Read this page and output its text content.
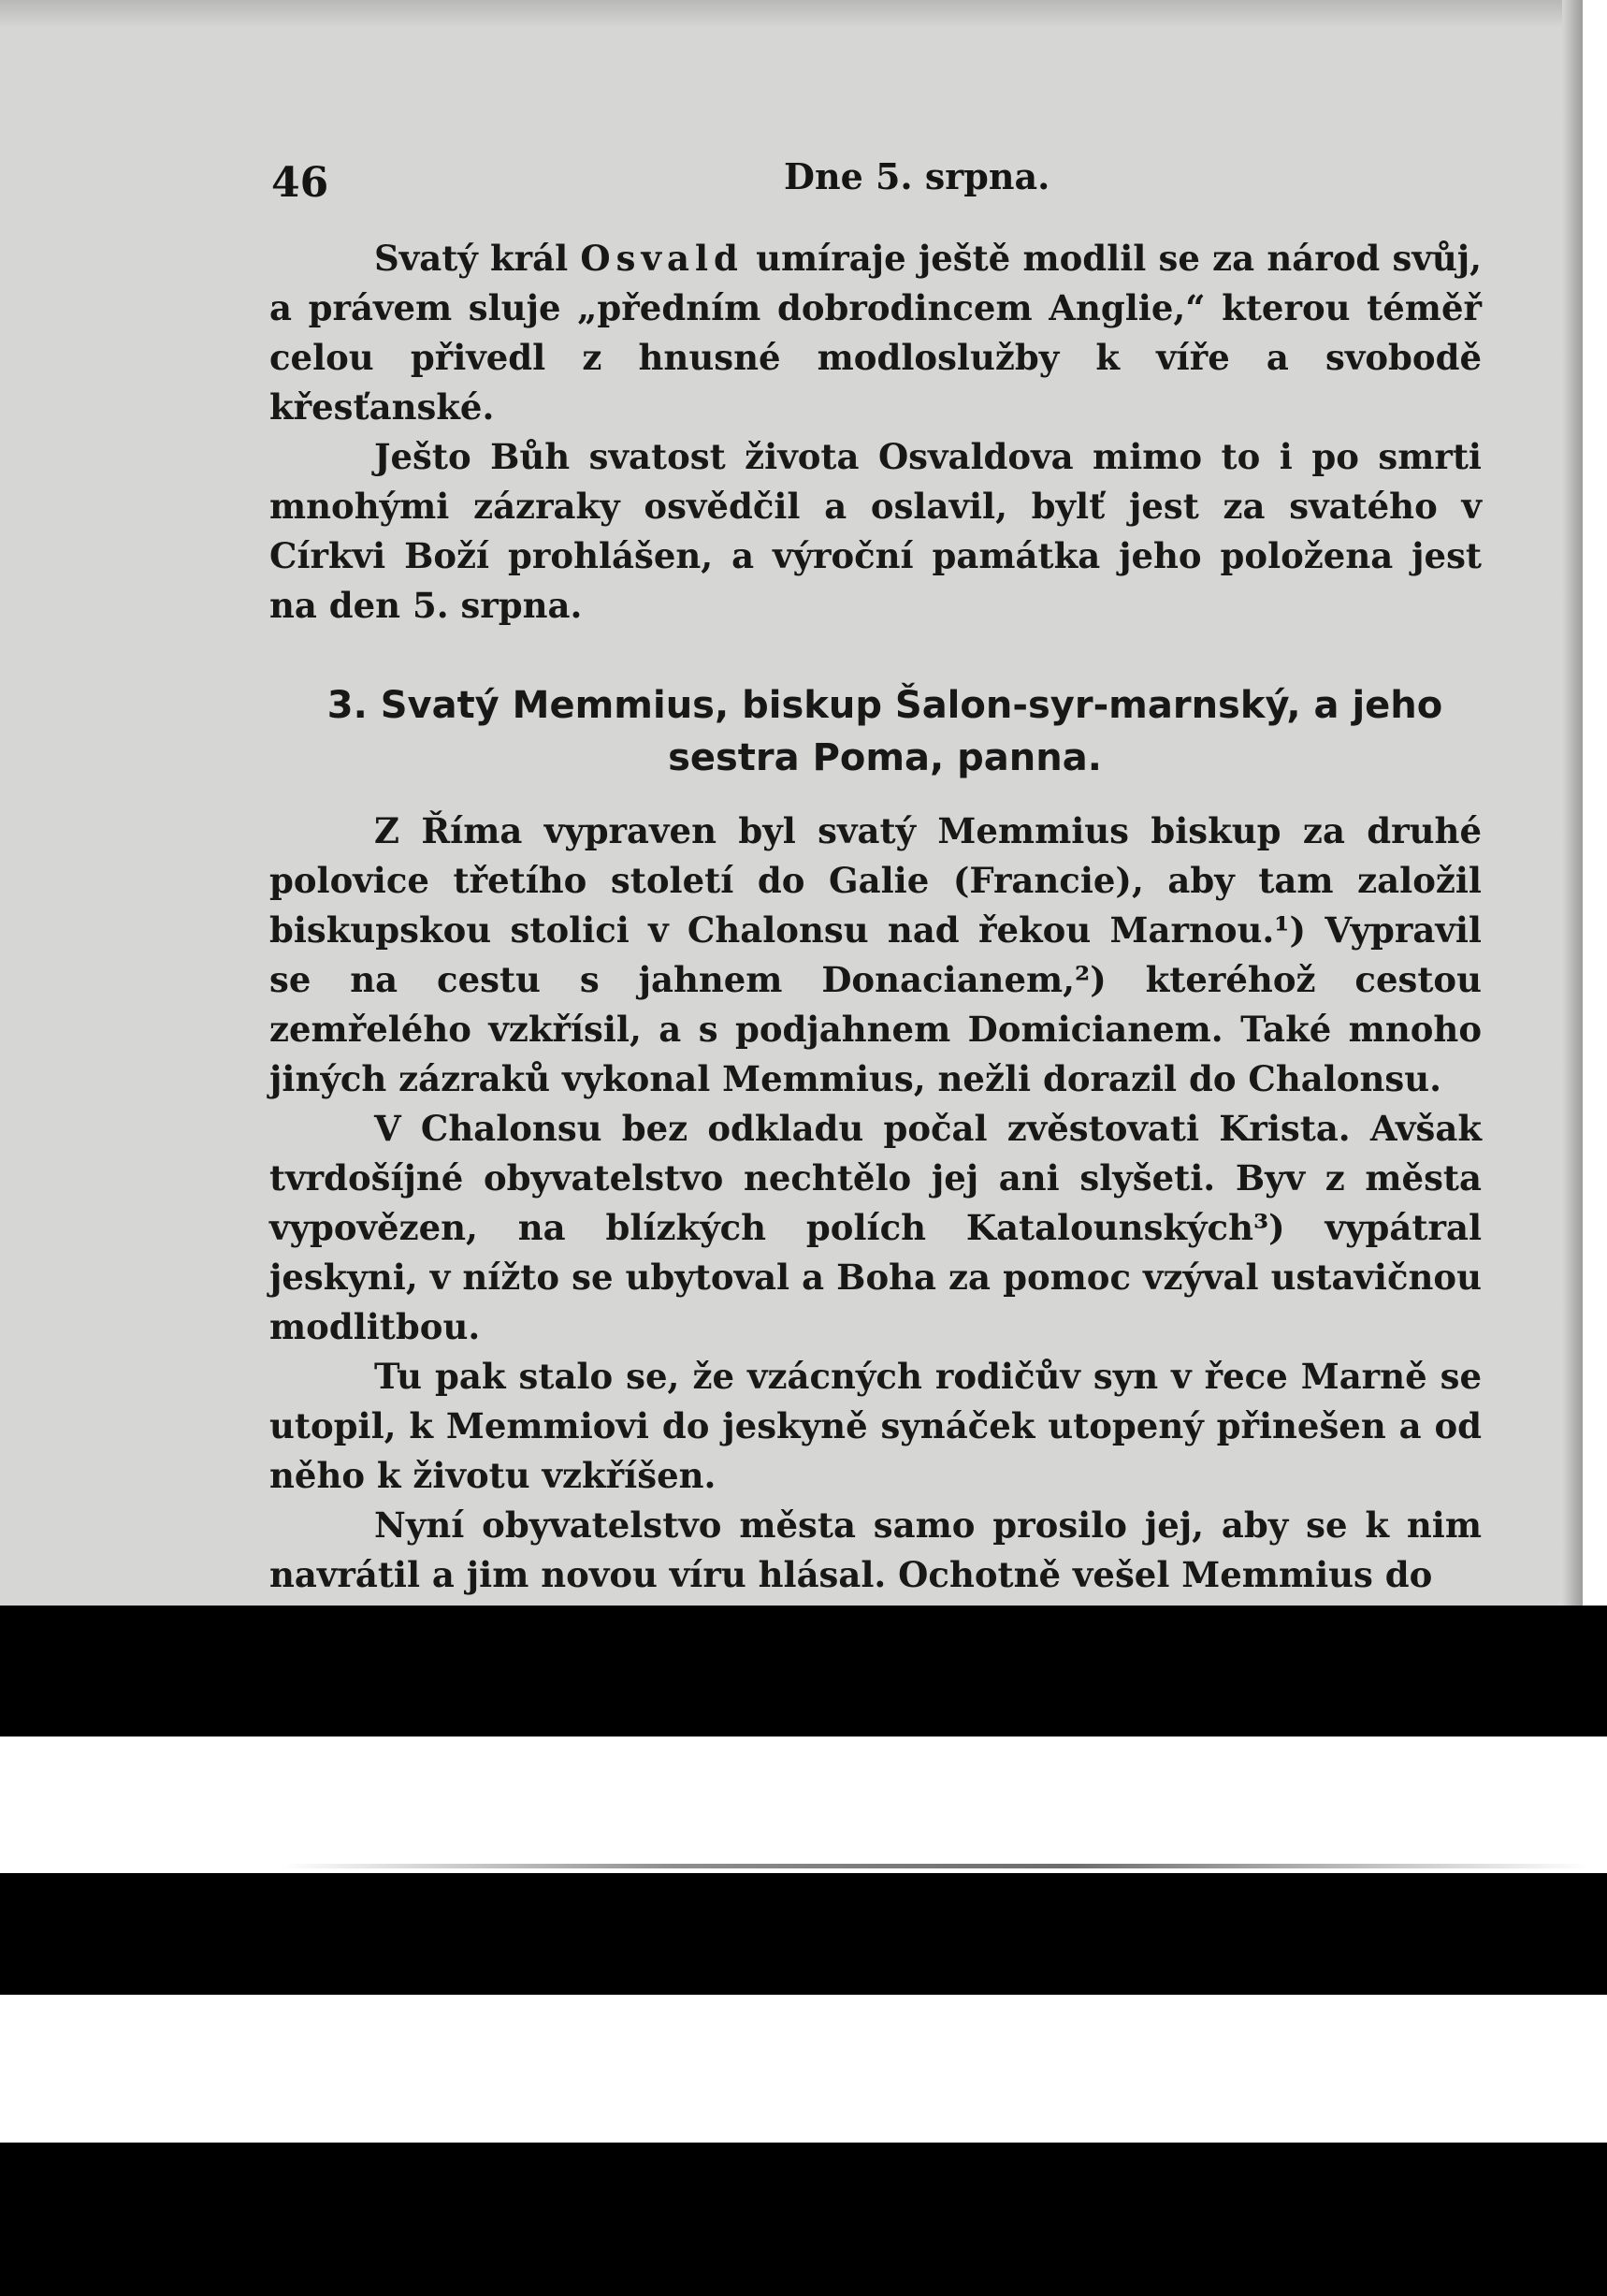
46	Dne 5. srpna.

Svatý král Osvald umíraje ještě modlil se za národ svůj, a právem sluje „předním dobrodincem Anglie,“ kterou téměř celou přivedl z hnusné modloslužby k víře a svobodě křesťanské.

Ješto Bůh svatost života Osvaldova mimo to i po smrti mnohými zázraky osvědčil a oslavil, bylť jest za svatého v Církvi Boží prohlášen, a výroční památka jeho položena jest na den 5. srpna.

3. Svatý Memmius, biskup Šalon-syr-marnský, a jeho sestra Poma, panna.

Z Říma vypraven byl svatý Memmius biskup za druhé polovice třetího století do Galie (Francie), aby tam založil biskupskou stolici v Chalonsu nad řekou Marnou.¹) Vypravil se na cestu s jahnem Donacianem,²) kteréhož cestou zemřelého vzkřísil, a s podjahnem Domicianem. Také mnoho jiných zázraků vykonal Memmius, nežli dorazil do Chalonsu.

V Chalonsu bez odkladu počal zvěstovati Krista. Avšak tvrdošíjné obyvatelstvo nechtělo jej ani slyšeti. Byv z města vypovězen, na blízkých polích Katalounských³) vypátral jeskyni, v nížto se ubytoval a Boha za pomoc vzýval ustavičnou modlitbou.

Tu pak stalo se, že vzácných rodičův syn v řece Marně se utopil, k Memmiovi do jeskyně synáček utopený přinešen a od něho k životu vzkříšen.

Nyní obyvatelstvo města samo prosilo jej, aby se k nim navrátil a jim novou víru hlásal. Ochotně vešel Memmius do
